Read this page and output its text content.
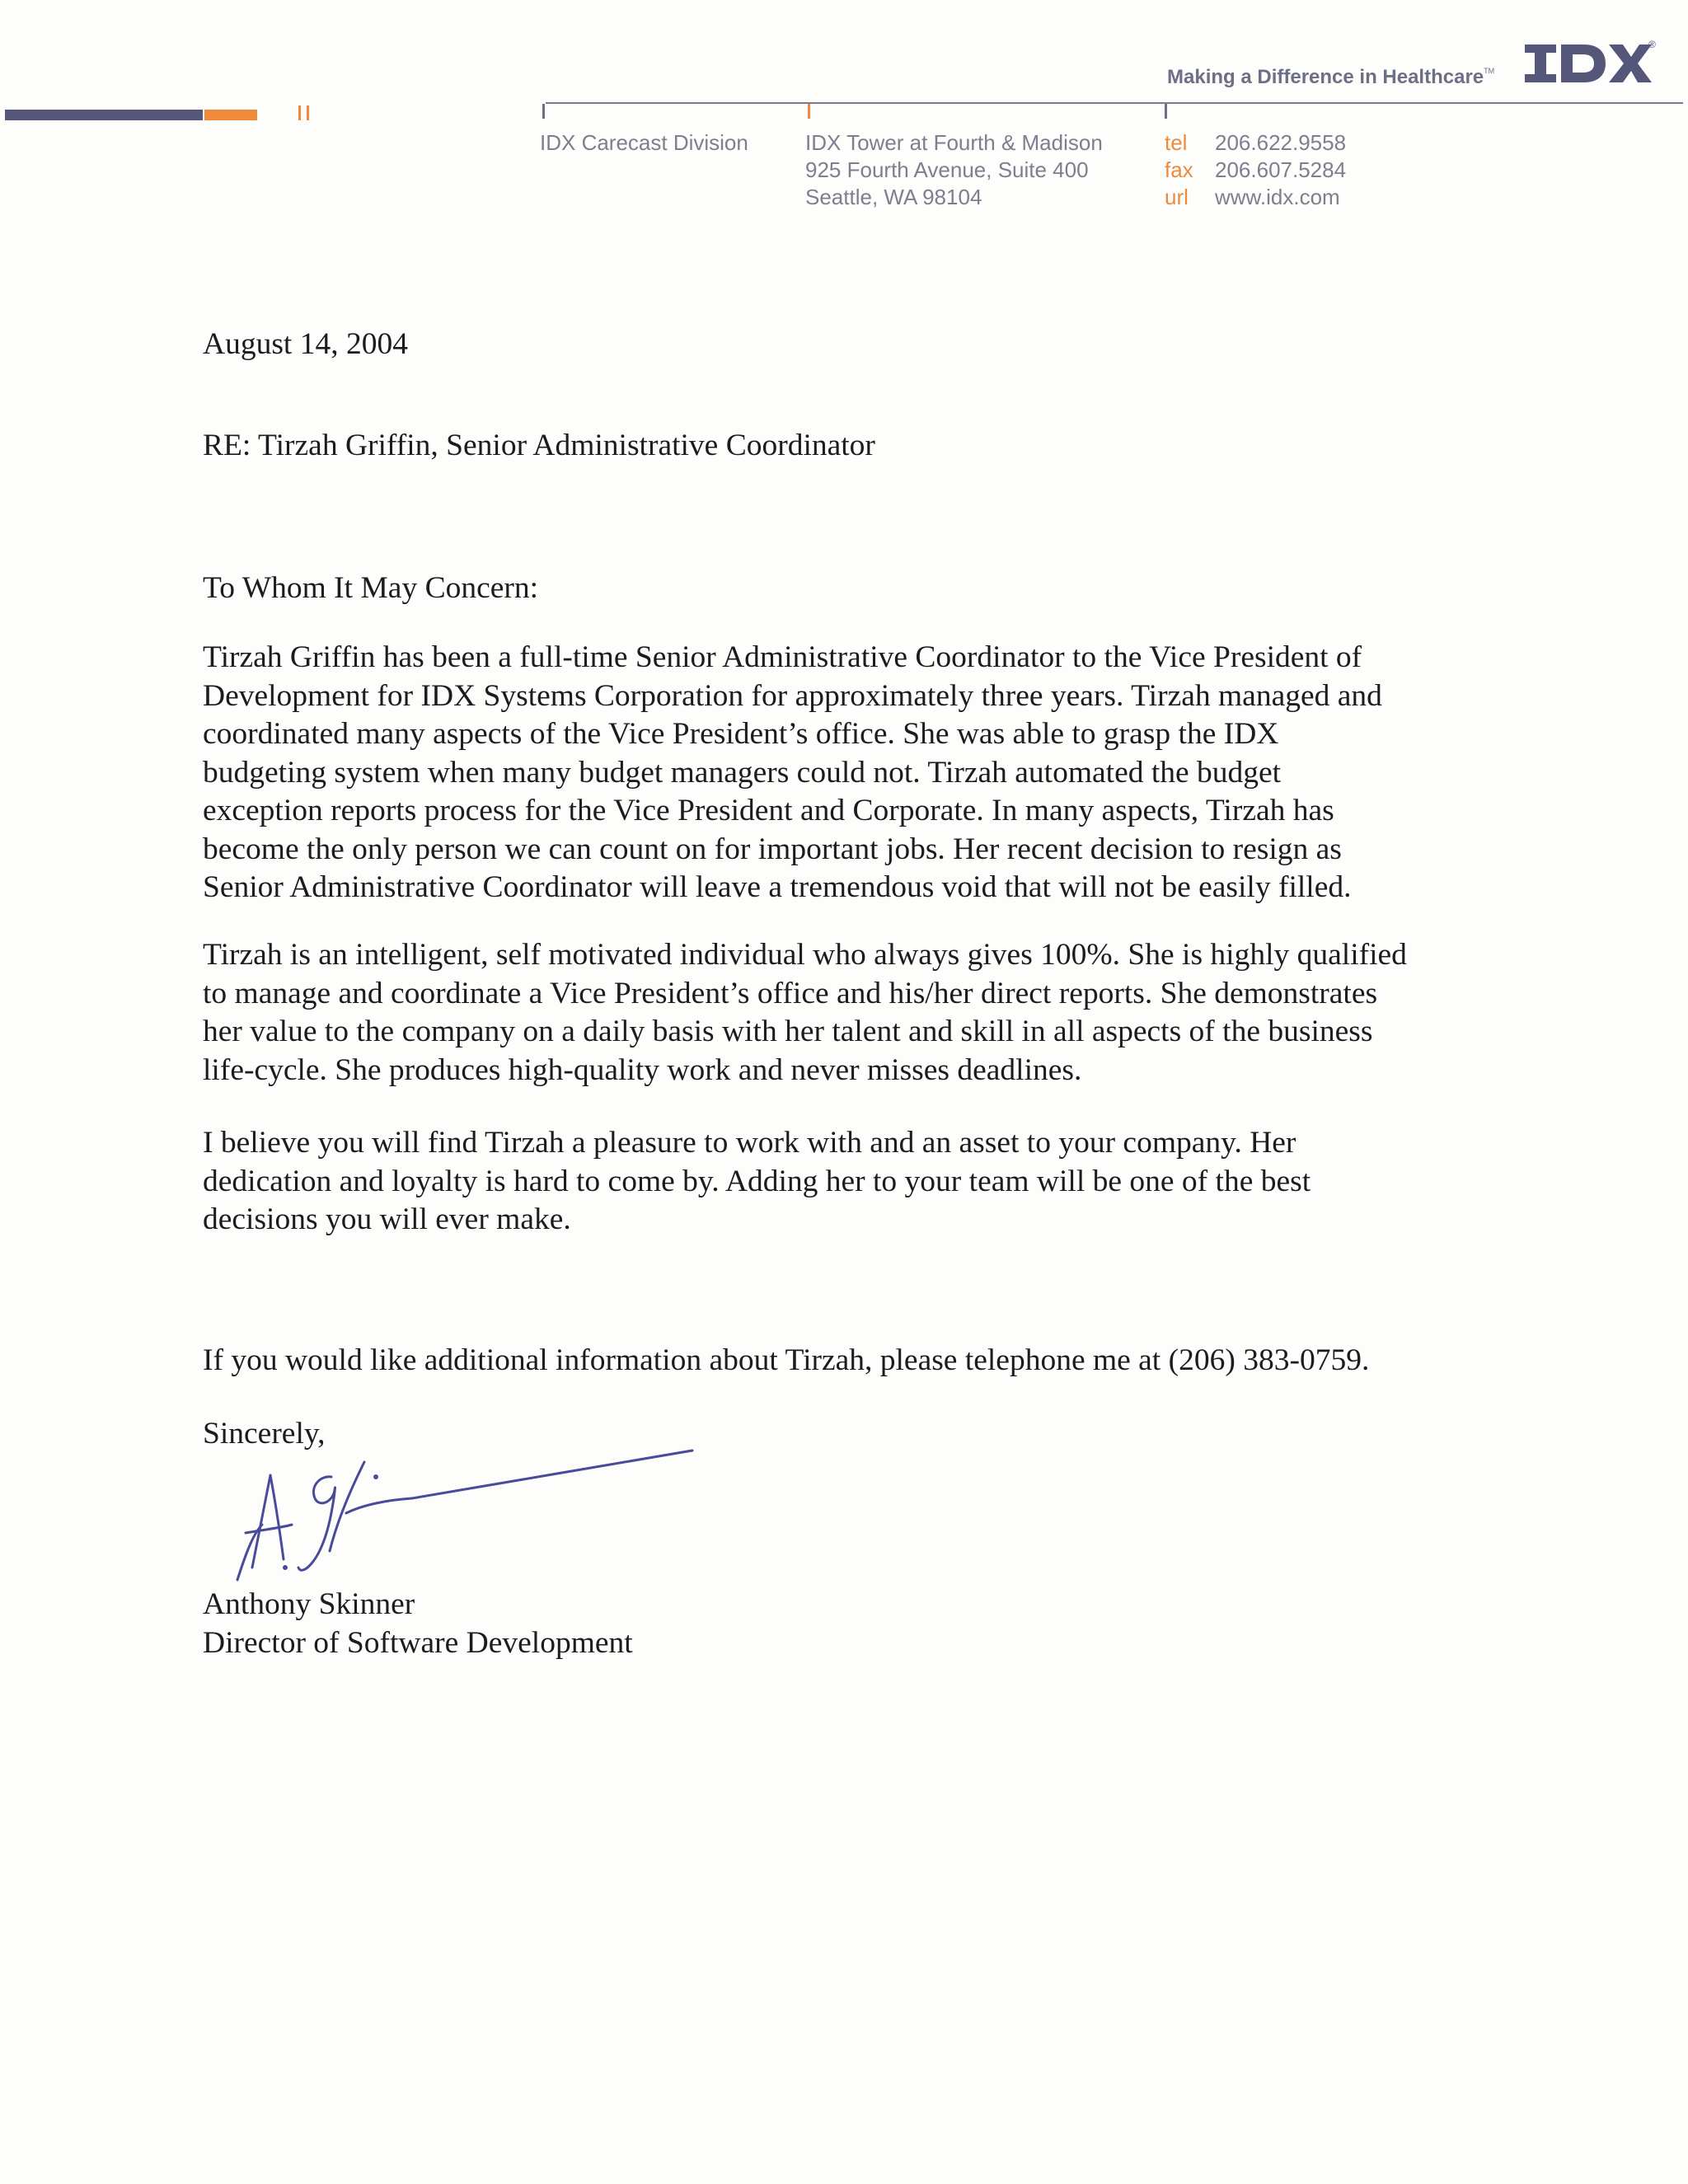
Making a Difference in Healthcare™
®
IDX Carecast Division	IDX Tower at Fourth & Madison
925 Fourth Avenue, Suite 400
Seattle, WA 98104
tel
fax
url
206.622.9558
206.607.5284
www.idx.com
August 14, 2004
RE: Tirzah Griffin, Senior Administrative Coordinator
To Whom It May Concern:
Tirzah Griffin has been a full-time Senior Administrative Coordinator to the Vice President of
Development for IDX Systems Corporation for approximately three years. Tirzah managed and
coordinated many aspects of the Vice President’s office. She was able to grasp the IDX
budgeting system when many budget managers could not. Tirzah automated the budget
exception reports process for the Vice President and Corporate. In many aspects, Tirzah has
become the only person we can count on for important jobs. Her recent decision to resign as
Senior Administrative Coordinator will leave a tremendous void that will not be easily filled.
Tirzah is an intelligent, self motivated individual who always gives 100%. She is highly qualified
to manage and coordinate a Vice President’s office and his/her direct reports. She demonstrates
her value to the company on a daily basis with her talent and skill in all aspects of the business
life-cycle. She produces high-quality work and never misses deadlines.
I believe you will find Tirzah a pleasure to work with and an asset to your company. Her
dedication and loyalty is hard to come by. Adding her to your team will be one of the best
decisions you will ever make.
If you would like additional information about Tirzah, please telephone me at (206) 383-0759.
Sincerely,
Anthony Skinner
Director of Software Development
